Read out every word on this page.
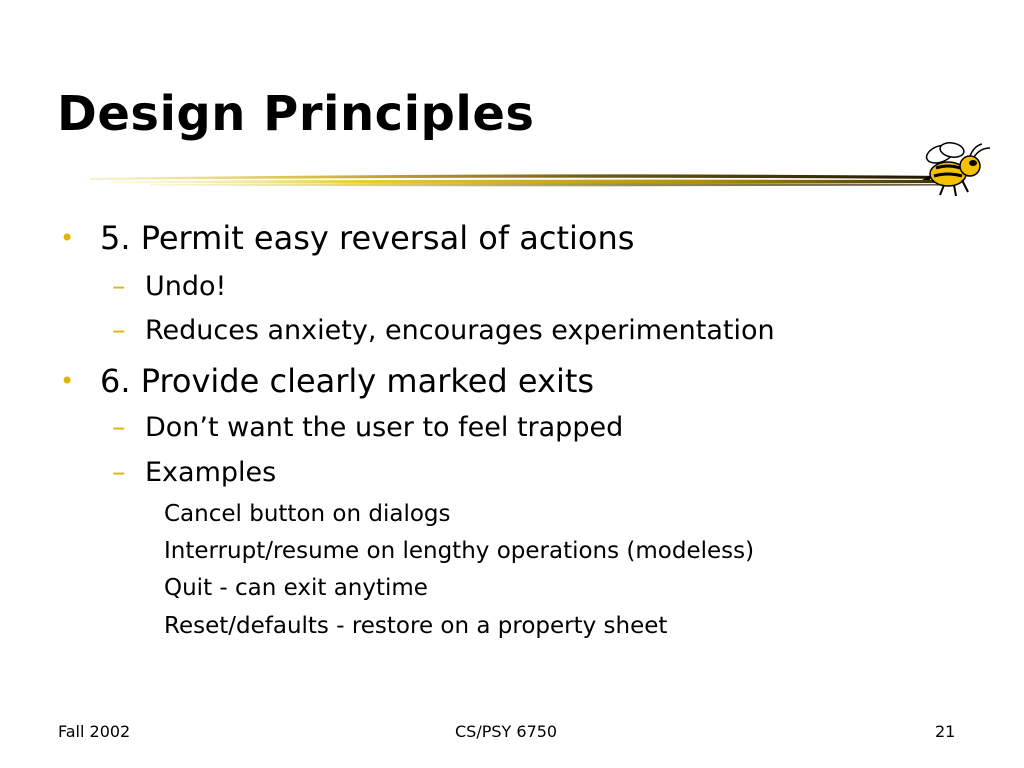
Design Principles
• 5. Permit easy reversal of actions
– Undo!
– Reduces anxiety, encourages experimentation
• 6. Provide clearly marked exits
– Don’t want the user to feel trapped
– Examples
Cancel button on dialogs
Interrupt/resume on lengthy operations (modeless)
Quit - can exit anytime
Reset/defaults - restore on a property sheet
Fall 2002	CS/PSY 6750	21
